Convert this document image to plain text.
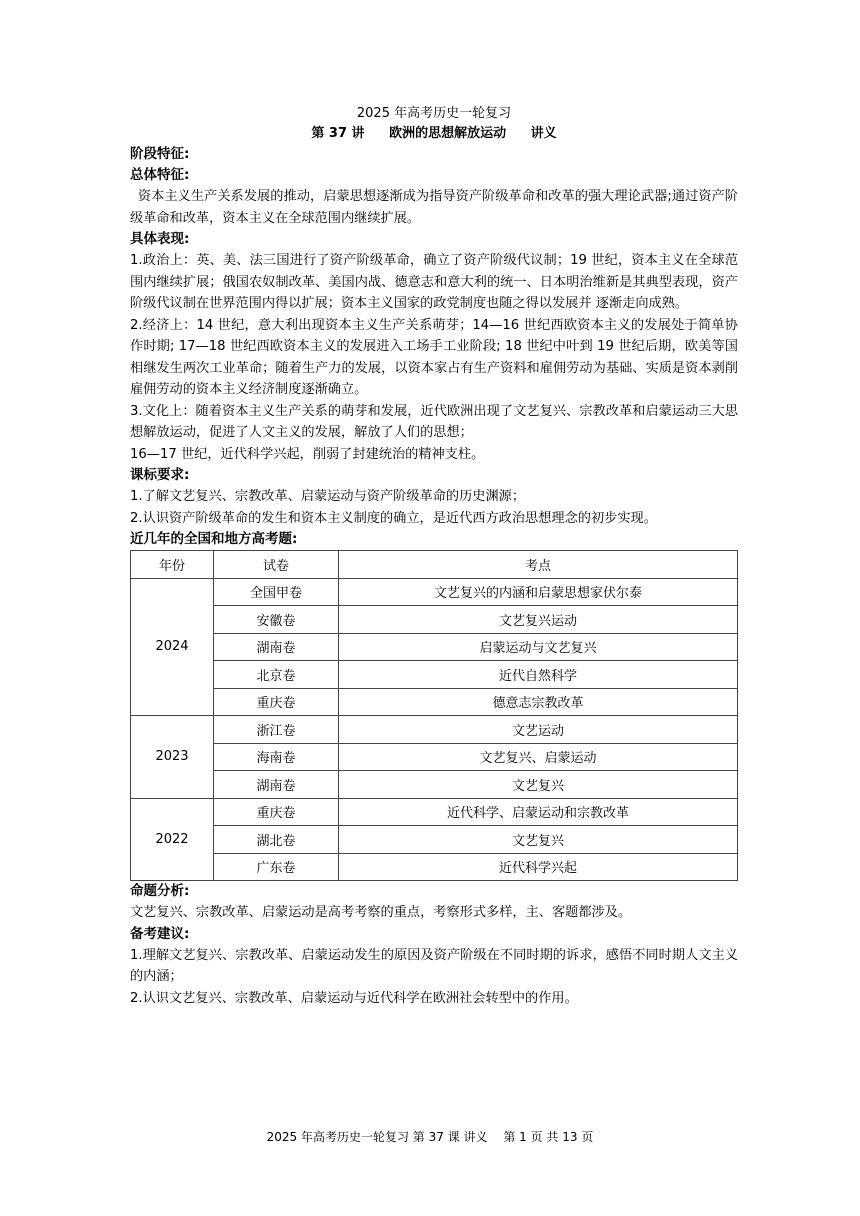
2025 年高考历史一轮复习

第 37 讲 欧洲的思想解放运动 讲义

阶段特征:

总体特征:

资本主义生产关系发展的推动，启蒙思想逐渐成为指导资产阶级革命和改革的强大理论武器;通过资产阶级革命和改革，资本主义在全球范围内继续扩展。

具体表现:

1.政治上：英、美、法三国进行了资产阶级革命，确立了资产阶级代议制；19 世纪，资本主义在全球范围内继续扩展；俄国农奴制改革、美国内战、德意志和意大利的统一、日本明治维新是其典型表现，资产阶级代议制在世界范围内得以扩展；资本主义国家的政党制度也随之得以发展并 逐渐走向成熟。

2.经济上：14 世纪，意大利出现资本主义生产关系萌芽；14—16 世纪西欧资本主义的发展处于简单协作时期; 17—18 世纪西欧资本主义的发展进入工场手工业阶段; 18 世纪中叶到 19 世纪后期，欧美等国相继发生两次工业革命；随着生产力的发展，以资本家占有生产资料和雇佣劳动为基础、实质是资本剥削雇佣劳动的资本主义经济制度逐渐确立。

3.文化上：随着资本主义生产关系的萌芽和发展，近代欧洲出现了文艺复兴、宗教改革和启蒙运动三大思想解放运动，促进了人文主义的发展，解放了人们的思想；

16—17 世纪，近代科学兴起，削弱了封建统治的精神支柱。

课标要求:

1.了解文艺复兴、宗教改革、启蒙运动与资产阶级革命的历史渊源；

2.认识资产阶级革命的发生和资本主义制度的确立，是近代西方政治思想理念的初步实现。

近几年的全国和地方高考题:

年份	试卷	考点
2024	全国甲卷	文艺复兴的内涵和启蒙思想家伏尔泰
	安徽卷	文艺复兴运动
	湖南卷	启蒙运动与文艺复兴
	北京卷	近代自然科学
	重庆卷	德意志宗教改革
2023	浙江卷	文艺运动
	海南卷	文艺复兴、启蒙运动
	湖南卷	文艺复兴
2022	重庆卷	近代科学、启蒙运动和宗教改革
	湖北卷	文艺复兴
	广东卷	近代科学兴起

命题分析:

文艺复兴、宗教改革、启蒙运动是高考考察的重点，考察形式多样，主、客题都涉及。

备考建议:

1.理解文艺复兴、宗教改革、启蒙运动发生的原因及资产阶级在不同时期的诉求，感悟不同时期人文主义的内涵；

2.认识文艺复兴、宗教改革、启蒙运动与近代科学在欧洲社会转型中的作用。

2025 年高考历史一轮复习 第 37 课 讲义 第 1 页 共 13 页
